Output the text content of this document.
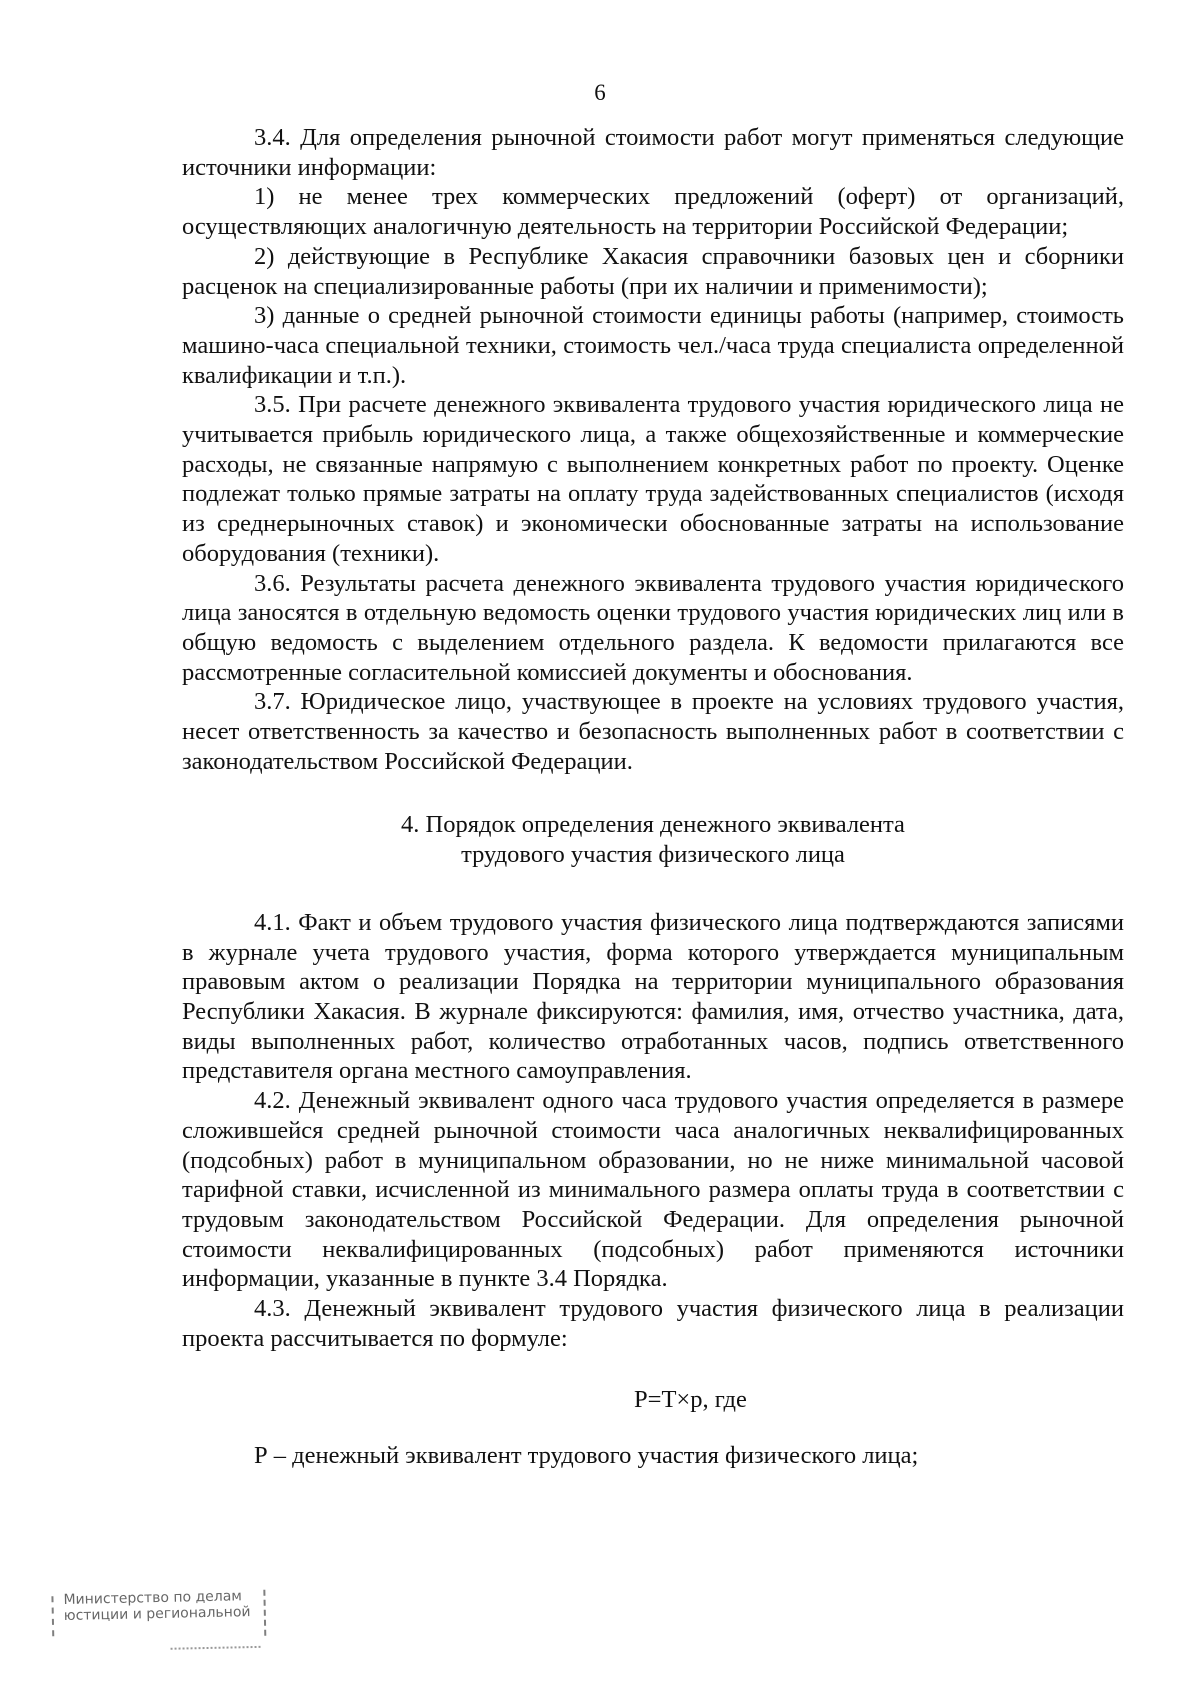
6

3.4. Для определения рыночной стоимости работ могут применяться следующие источники информации:

1) не менее трех коммерческих предложений (оферт) от организаций, осуществляющих аналогичную деятельность на территории Российской Федерации;

2) действующие в Республике Хакасия справочники базовых цен и сборники расценок на специализированные работы (при их наличии и применимости);

3) данные о средней рыночной стоимости единицы работы (например, стоимость машино-часа специальной техники, стоимость чел./часа труда специалиста определенной квалификации и т.п.).

3.5. При расчете денежного эквивалента трудового участия юридического лица не учитывается прибыль юридического лица, а также общехозяйственные и коммерческие расходы, не связанные напрямую с выполнением конкретных работ по проекту. Оценке подлежат только прямые затраты на оплату труда задействованных специалистов (исходя из среднерыночных ставок) и экономически обоснованные затраты на использование оборудования (техники).

3.6. Результаты расчета денежного эквивалента трудового участия юридического лица заносятся в отдельную ведомость оценки трудового участия юридических лиц или в общую ведомость с выделением отдельного раздела. К ведомости прилагаются все рассмотренные согласительной комиссией документы и обоснования.

3.7. Юридическое лицо, участвующее в проекте на условиях трудового участия, несет ответственность за качество и безопасность выполненных работ в соответствии с законодательством Российской Федерации.

4. Порядок определения денежного эквивалента
трудового участия физического лица

4.1. Факт и объем трудового участия физического лица подтверждаются записями в журнале учета трудового участия, форма которого утверждается муниципальным правовым актом о реализации Порядка на территории муниципального образования Республики Хакасия. В журнале фиксируются: фамилия, имя, отчество участника, дата, виды выполненных работ, количество отработанных часов, подпись ответственного представителя органа местного самоуправления.

4.2. Денежный эквивалент одного часа трудового участия определяется в размере сложившейся средней рыночной стоимости часа аналогичных неквалифицированных (подсобных) работ в муниципальном образовании, но не ниже минимальной часовой тарифной ставки, исчисленной из минимального размера оплаты труда в соответствии с трудовым законодательством Российской Федерации. Для определения рыночной стоимости неквалифицированных (подсобных) работ применяются источники информации, указанные в пункте 3.4 Порядка.

4.3. Денежный эквивалент трудового участия физического лица в реализации проекта рассчитывается по формуле:

Р=Т×р, где

Р – денежный эквивалент трудового участия физического лица;

Министерство по делам
юстиции и региональной
